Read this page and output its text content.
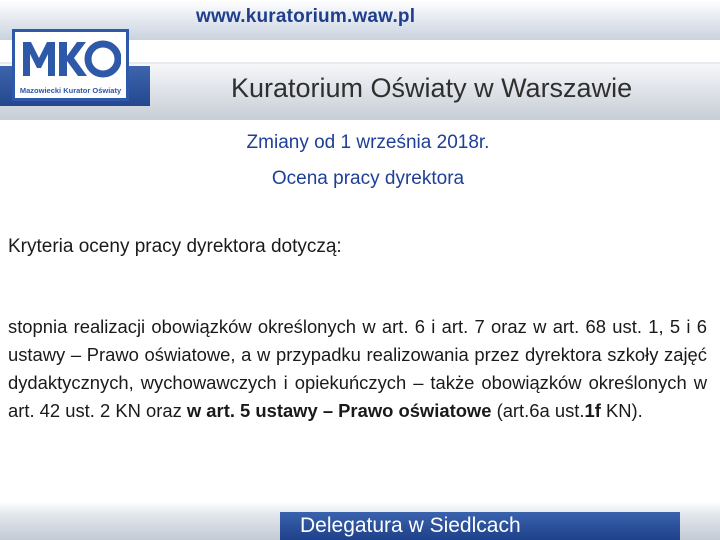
www.kuratorium.waw.pl
Kuratorium Oświaty w Warszawie
Mazowiecki Kurator Oświaty
Zmiany od 1 września 2018r.
Ocena pracy dyrektora
Kryteria oceny pracy dyrektora dotyczą:

stopnia realizacji obowiązków określonych w art. 6 i art. 7 oraz w art. 68 ust. 1, 5 i 6 ustawy – Prawo oświatowe, a w przypadku realizowania przez dyrektora szkoły zajęć dydaktycznych, wychowawczych i opiekuńczych – także obowiązków określonych w art. 42 ust. 2 KN oraz w art. 5 ustawy – Prawo oświatowe (art.6a ust.1f KN).

Delegatura w Siedlcach
